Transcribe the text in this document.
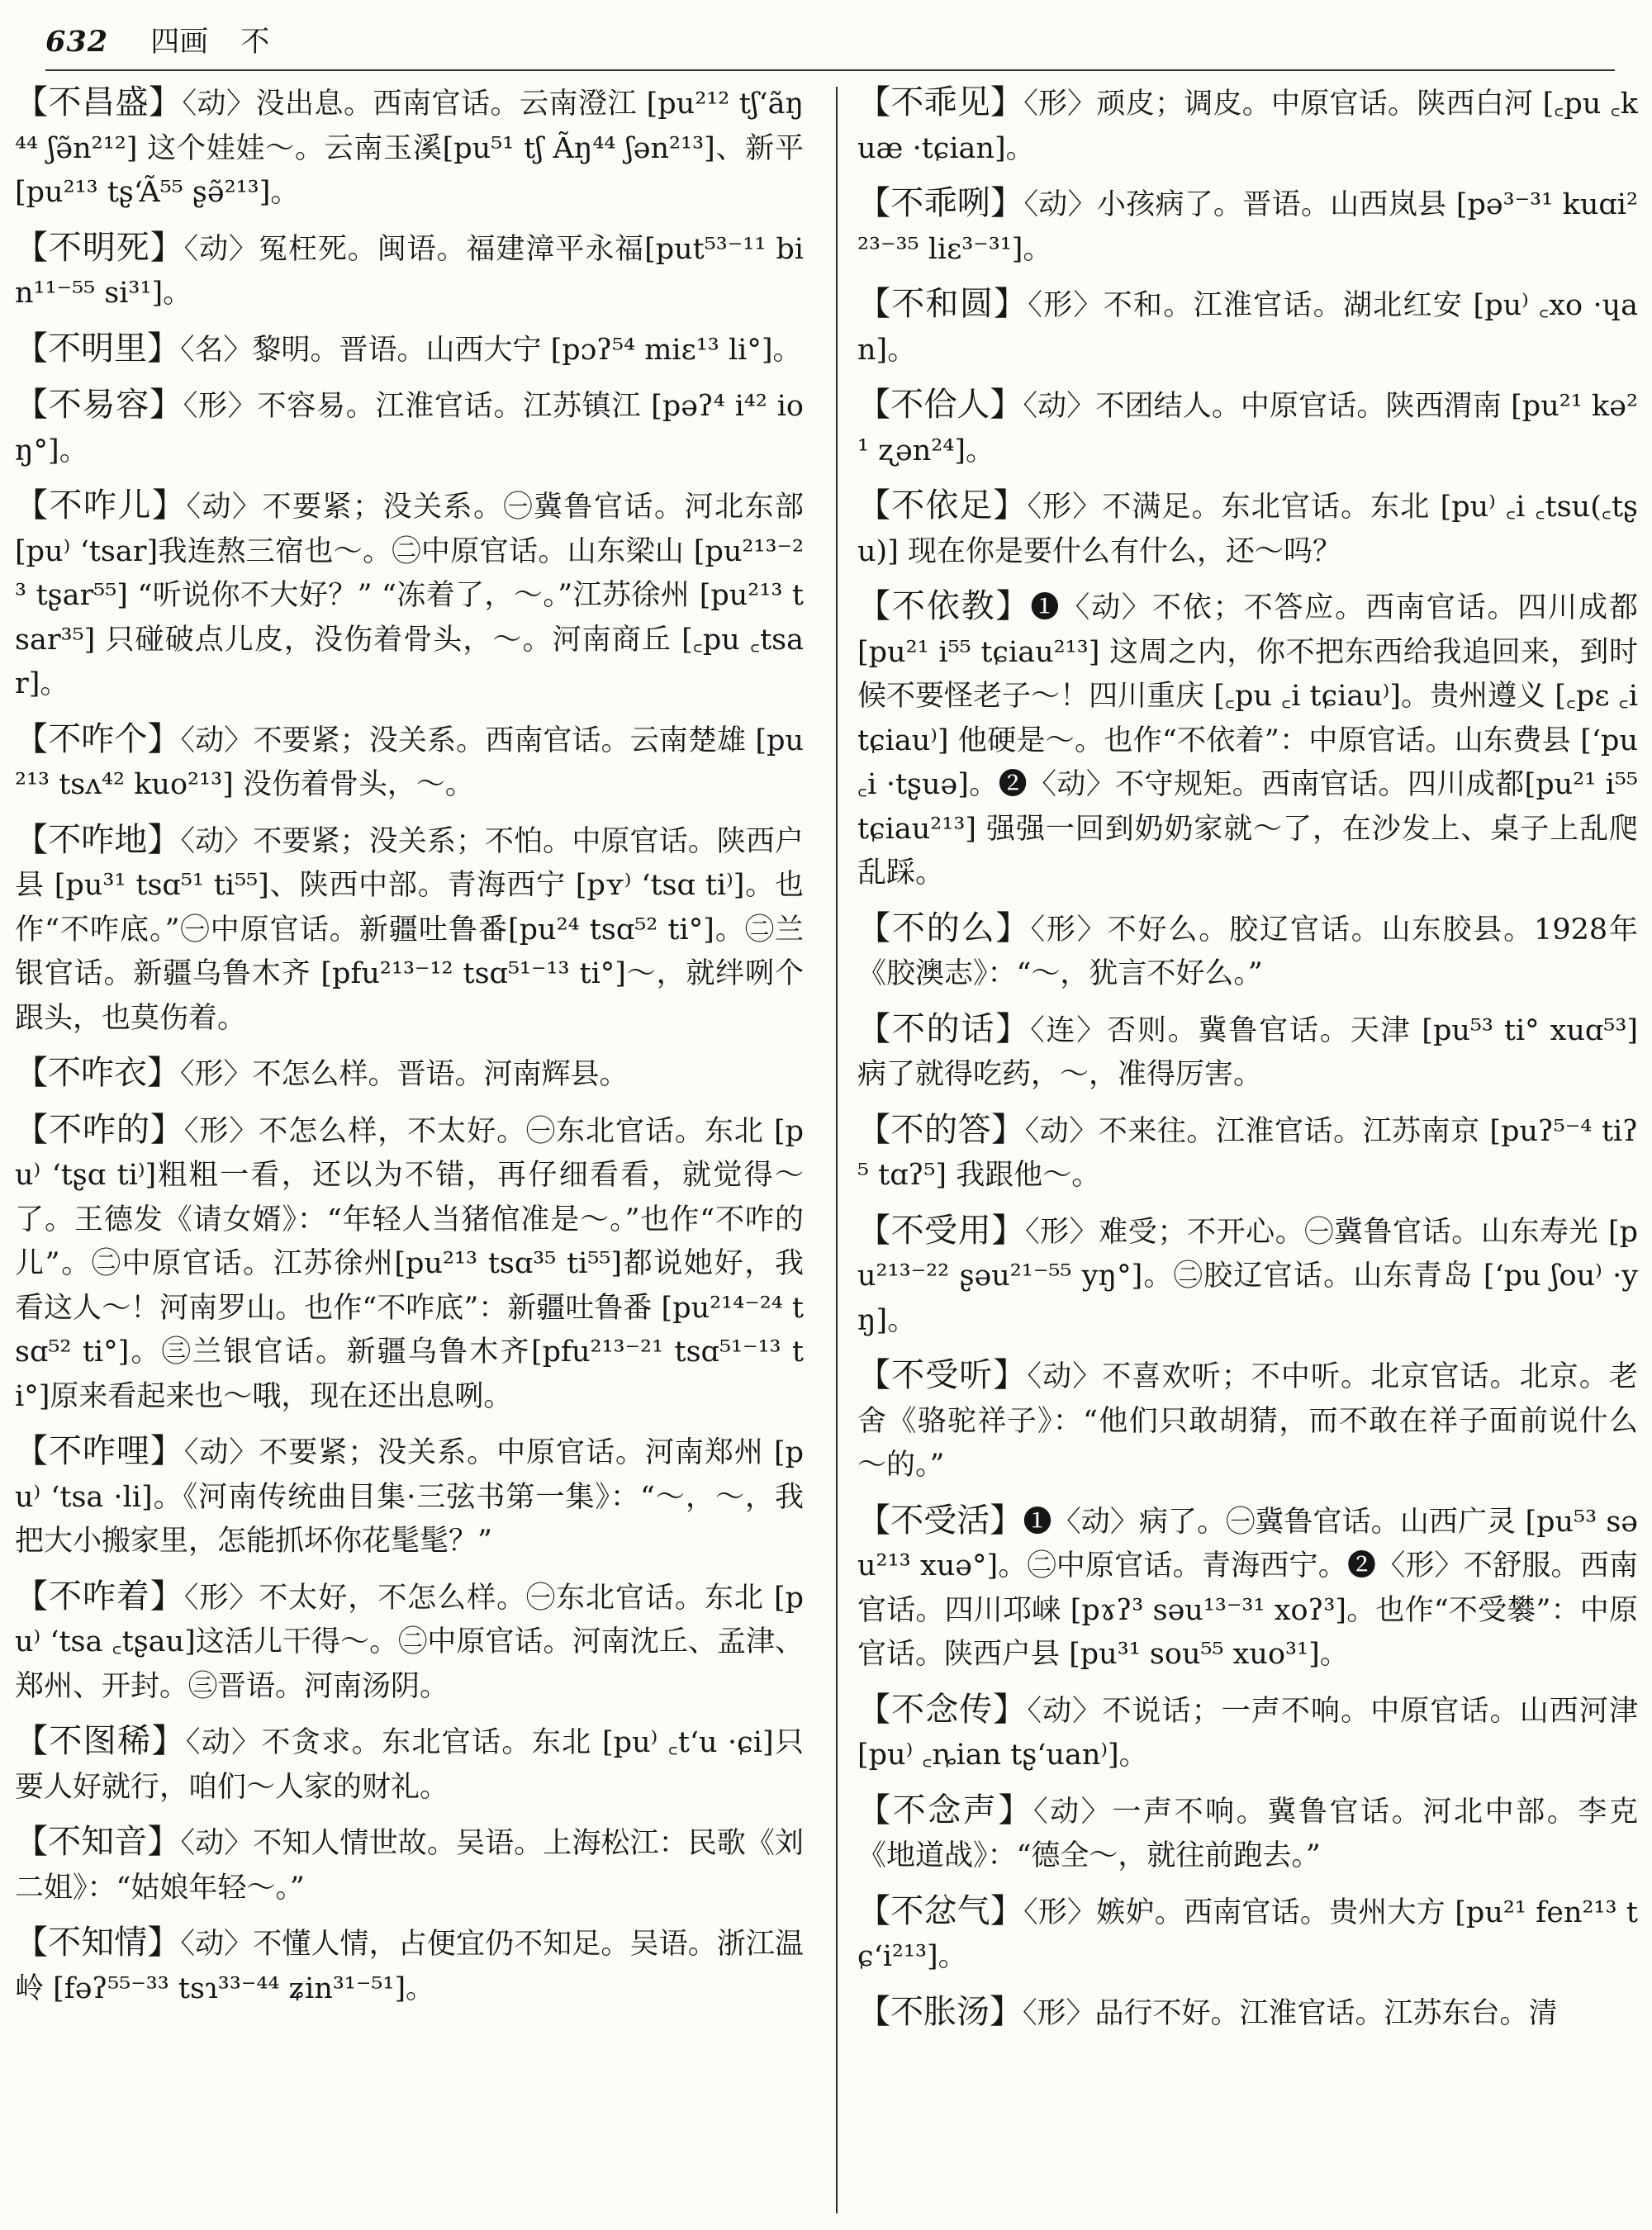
632 四画 不

【不昌盛】〈动〉没出息。西南官话。云南澄江 [pu²¹² tʃʻãŋ⁴⁴ ʃə̃n²¹²] 这个娃娃～。云南玉溪[pu⁵¹ tʃ Ãŋ⁴⁴ ʃən²¹³]、新平 [pu²¹³ tʂʻÃ⁵⁵ ʂə̃²¹³]。

【不明死】〈动〉冤枉死。闽语。福建漳平永福[put⁵³⁻¹¹ bin¹¹⁻⁵⁵ si³¹]。

【不明里】〈名〉黎明。晋语。山西大宁 [pɔʔ⁵⁴ miɛ¹³ li°]。

【不易容】〈形〉不容易。江淮官话。江苏镇江 [pəʔ⁴ i⁴² ioŋ°]。

【不咋儿】〈动〉不要紧；没关系。㊀冀鲁官话。河北东部 [pu⁾ ʻtsar]我连熬三宿也～。㊁中原官话。山东梁山 [pu²¹³⁻²³ tʂar⁵⁵] “听说你不大好？” “冻着了，～。”江苏徐州 [pu²¹³ tsar³⁵] 只碰破点儿皮，没伤着骨头，～。河南商丘 [꜀pu ꜀tsar]。

【不咋个】〈动〉不要紧；没关系。西南官话。云南楚雄 [pu²¹³ tsʌ⁴² kuo²¹³] 没伤着骨头，～。

【不咋地】〈动〉不要紧；没关系；不怕。中原官话。陕西户县 [pu³¹ tsɑ⁵¹ ti⁵⁵]、陕西中部。青海西宁 [pʏ⁾ ʻtsɑ ti⁾]。也作“不咋底。”㊀中原官话。新疆吐鲁番[pu²⁴ tsɑ⁵² ti°]。㊁兰银官话。新疆乌鲁木齐 [pfu²¹³⁻¹² tsɑ⁵¹⁻¹³ ti°]～，就绊咧个跟头，也莫伤着。

【不咋衣】〈形〉不怎么样。晋语。河南辉县。

【不咋的】〈形〉不怎么样，不太好。㊀东北官话。东北 [pu⁾ ʻtʂɑ ti⁾]粗粗一看，还以为不错，再仔细看看，就觉得～了。王德发《请女婿》：“年轻人当猪倌准是～。”也作“不咋的儿”。㊁中原官话。江苏徐州[pu²¹³ tsɑ³⁵ ti⁵⁵]都说她好，我看这人～！河南罗山。也作“不咋底”：新疆吐鲁番 [pu²¹⁴⁻²⁴ tsɑ⁵² ti°]。㊂兰银官话。新疆乌鲁木齐[pfu²¹³⁻²¹ tsɑ⁵¹⁻¹³ ti°]原来看起来也～哦，现在还出息咧。

【不咋哩】〈动〉不要紧；没关系。中原官话。河南郑州 [pu⁾ ʻtsa ·li]。《河南传统曲目集·三弦书第一集》：“～，～，我把大小搬家里，怎能抓坏你花髦髦？”

【不咋着】〈形〉不太好，不怎么样。㊀东北官话。东北 [pu⁾ ʻtsa ꜀tʂau]这活儿干得～。㊁中原官话。河南沈丘、孟津、郑州、开封。㊂晋语。河南汤阴。

【不图稀】〈动〉不贪求。东北官话。东北 [pu⁾ ꜀tʻu ·ɕi]只要人好就行，咱们～人家的财礼。

【不知音】〈动〉不知人情世故。吴语。上海松江：民歌《刘二姐》：“姑娘年轻～。”

【不知情】〈动〉不懂人情，占便宜仍不知足。吴语。浙江温岭 [fəʔ⁵⁵⁻³³ tsɿ³³⁻⁴⁴ ʑin³¹⁻⁵¹]。

【不乖见】〈形〉顽皮；调皮。中原官话。陕西白河 [꜀pu ꜀kuæ ·tɕian]。

【不乖咧】〈动〉小孩病了。晋语。山西岚县 [pə³⁻³¹ kuɑi²²³⁻³⁵ liɛ³⁻³¹]。

【不和圆】〈形〉不和。江淮官话。湖北红安 [pu⁾ ꜀xo ·ɥan]。

【不佮人】〈动〉不团结人。中原官话。陕西渭南 [pu²¹ kə²¹ ʐən²⁴]。

【不依足】〈形〉不满足。东北官话。东北 [pu⁾ ꜀i ꜀tsu(꜀tʂu)] 现在你是要什么有什么，还～吗？

【不依教】❶〈动〉不依；不答应。西南官话。四川成都 [pu²¹ i⁵⁵ tɕiau²¹³] 这周之内，你不把东西给我追回来，到时候不要怪老子～！四川重庆 [꜀pu ꜀i tɕiau⁾]。贵州遵义 [꜀pɛ ꜀i tɕiau⁾] 他硬是～。也作“不依着”：中原官话。山东费县 [ʻpu ꜀i ·tʂuə]。❷〈动〉不守规矩。西南官话。四川成都[pu²¹ i⁵⁵ tɕiau²¹³] 强强一回到奶奶家就～了，在沙发上、桌子上乱爬乱踩。

【不的么】〈形〉不好么。胶辽官话。山东胶县。1928年《胶澳志》：“～，犹言不好么。”

【不的话】〈连〉否则。冀鲁官话。天津 [pu⁵³ ti° xuɑ⁵³] 病了就得吃药，～，准得厉害。

【不的答】〈动〉不来往。江淮官话。江苏南京 [puʔ⁵⁻⁴ tiʔ⁵ tɑʔ⁵] 我跟他～。

【不受用】〈形〉难受；不开心。㊀冀鲁官话。山东寿光 [pu²¹³⁻²² ʂəu²¹⁻⁵⁵ yŋ°]。㊁胶辽官话。山东青岛 [ʻpu ʃou⁾ ·yŋ]。

【不受听】〈动〉不喜欢听；不中听。北京官话。北京。老舍《骆驼祥子》：“他们只敢胡猜，而不敢在祥子面前说什么～的。”

【不受活】❶〈动〉病了。㊀冀鲁官话。山西广灵 [pu⁵³ səu²¹³ xuə°]。㊁中原官话。青海西宁。❷〈形〉不舒服。西南官话。四川邛崃 [pɤʔ³ səu¹³⁻³¹ xoʔ³]。也作“不受䙪”：中原官话。陕西户县 [pu³¹ sou⁵⁵ xuo³¹]。

【不念传】〈动〉不说话；一声不响。中原官话。山西河津 [pu⁾ ꜀ȵian tʂʻuan⁾]。

【不念声】〈动〉一声不响。冀鲁官话。河北中部。李克《地道战》：“德全～，就往前跑去。”

【不忿气】〈形〉嫉妒。西南官话。贵州大方 [pu²¹ fen²¹³ tɕʻi²¹³]。

【不胀汤】〈形〉品行不好。江淮官话。江苏东台。清
